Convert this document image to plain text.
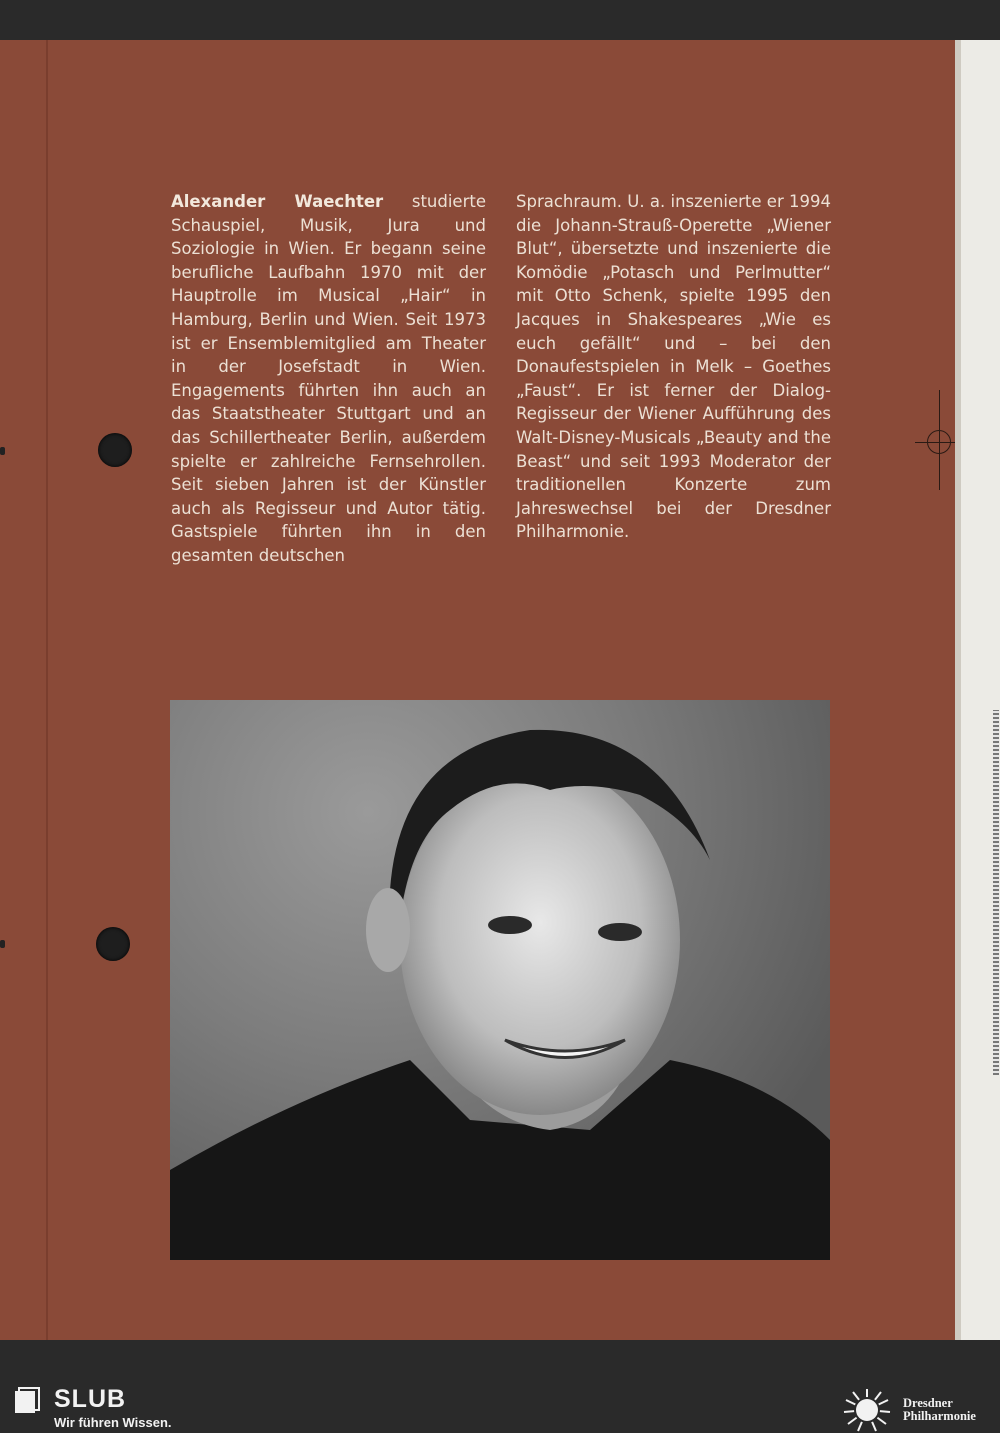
Alexander Waechter studierte Schauspiel, Musik, Jura und Soziologie in Wien. Er begann seine berufliche Laufbahn 1970 mit der Hauptrolle im Musical „Hair“ in Hamburg, Berlin und Wien. Seit 1973 ist er Ensemblemitglied am Theater in der Josefstadt in Wien. Engagements führten ihn auch an das Staatstheater Stuttgart und an das Schillertheater Berlin, außerdem spielte er zahlreiche Fernsehrollen. Seit sieben Jahren ist der Künstler auch als Regisseur und Autor tätig. Gastspiele führten ihn in den gesamten deutschen

Sprachraum. U. a. inszenierte er 1994 die Johann-Strauß-Operette „Wiener Blut“, übersetzte und inszenierte die Komödie „Potasch und Perlmutter“ mit Otto Schenk, spielte 1995 den Jacques in Shakespeares „Wie es euch gefällt“ und – bei den Donaufestspielen in Melk – Goethes „Faust“. Er ist ferner der Dialog-Regisseur der Wiener Aufführung des Walt-Disney-Musicals „Beauty and the Beast“ und seit 1993 Moderator der traditionellen Konzerte zum Jahreswechsel bei der Dresdner Philharmonie.

SLUB
Wir führen Wissen.
Dresdner
Philharmonie
